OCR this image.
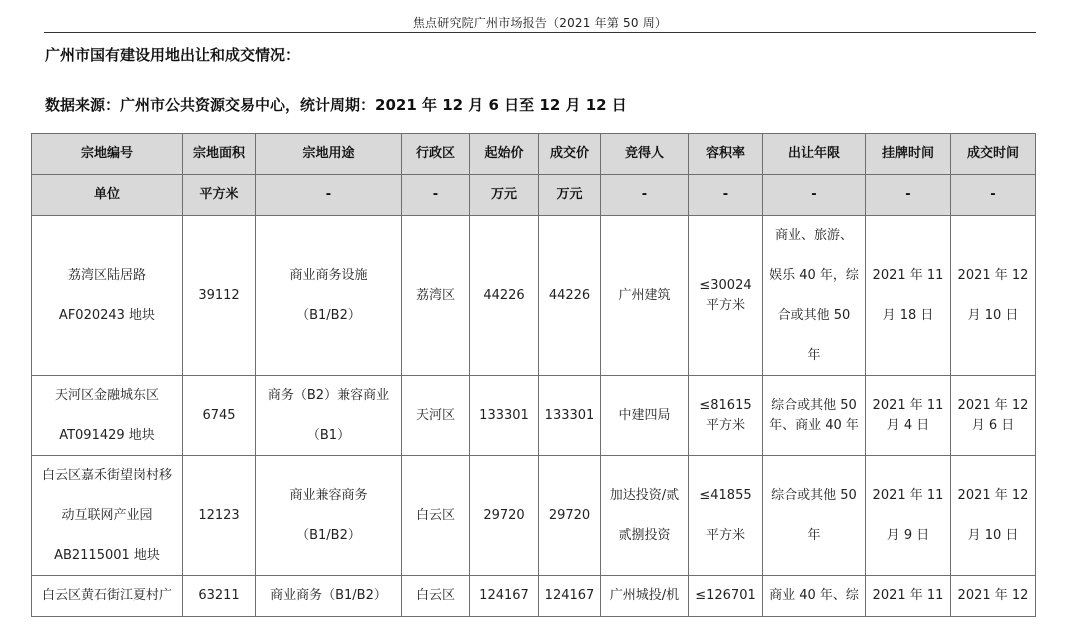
焦点研究院广州市场报告（2021 年第 50 周）
广州市国有建设用地出让和成交情况：
数据来源：广州市公共资源交易中心，统计周期：2021 年 12 月 6 日至 12 月 12 日
宗地编号	宗地面积	宗地用途	行政区	起始价	成交价	竞得人	容积率	出让年限	挂牌时间	成交时间
单位	平方米	-	-	万元	万元	-	-	-	-	-

荔湾区陆居路
AF020243 地块	39112	商业商务设施
（B1/B2）	荔湾区	44226	44226	广州建筑	≤30024
平方米	商业、旅游、
娱乐 40 年，综
合或其他 50
年	2021 年 11
月 18 日	2021 年 12
月 10 日

天河区金融城东区
AT091429 地块	6745	商务（B2）兼容商业
（B1）	天河区	133301	133301	中建四局	≤81615
平方米	综合或其他 50
年、商业 40 年	2021 年 11
月 4 日	2021 年 12
月 6 日

白云区嘉禾街望岗村移
动互联网产业园
AB2115001 地块	12123	商业兼容商务
（B1/B2）	白云区	29720	29720	加达投资/贰
贰捌投资	≤41855
平方米	综合或其他 50
年	2021 年 11
月 9 日	2021 年 12
月 10 日

白云区黄石街江夏村广	63211	商业商务（B1/B2）	白云区	124167	124167	广州城投/机	≤126701	商业 40 年、综	2021 年 11	2021 年 12
